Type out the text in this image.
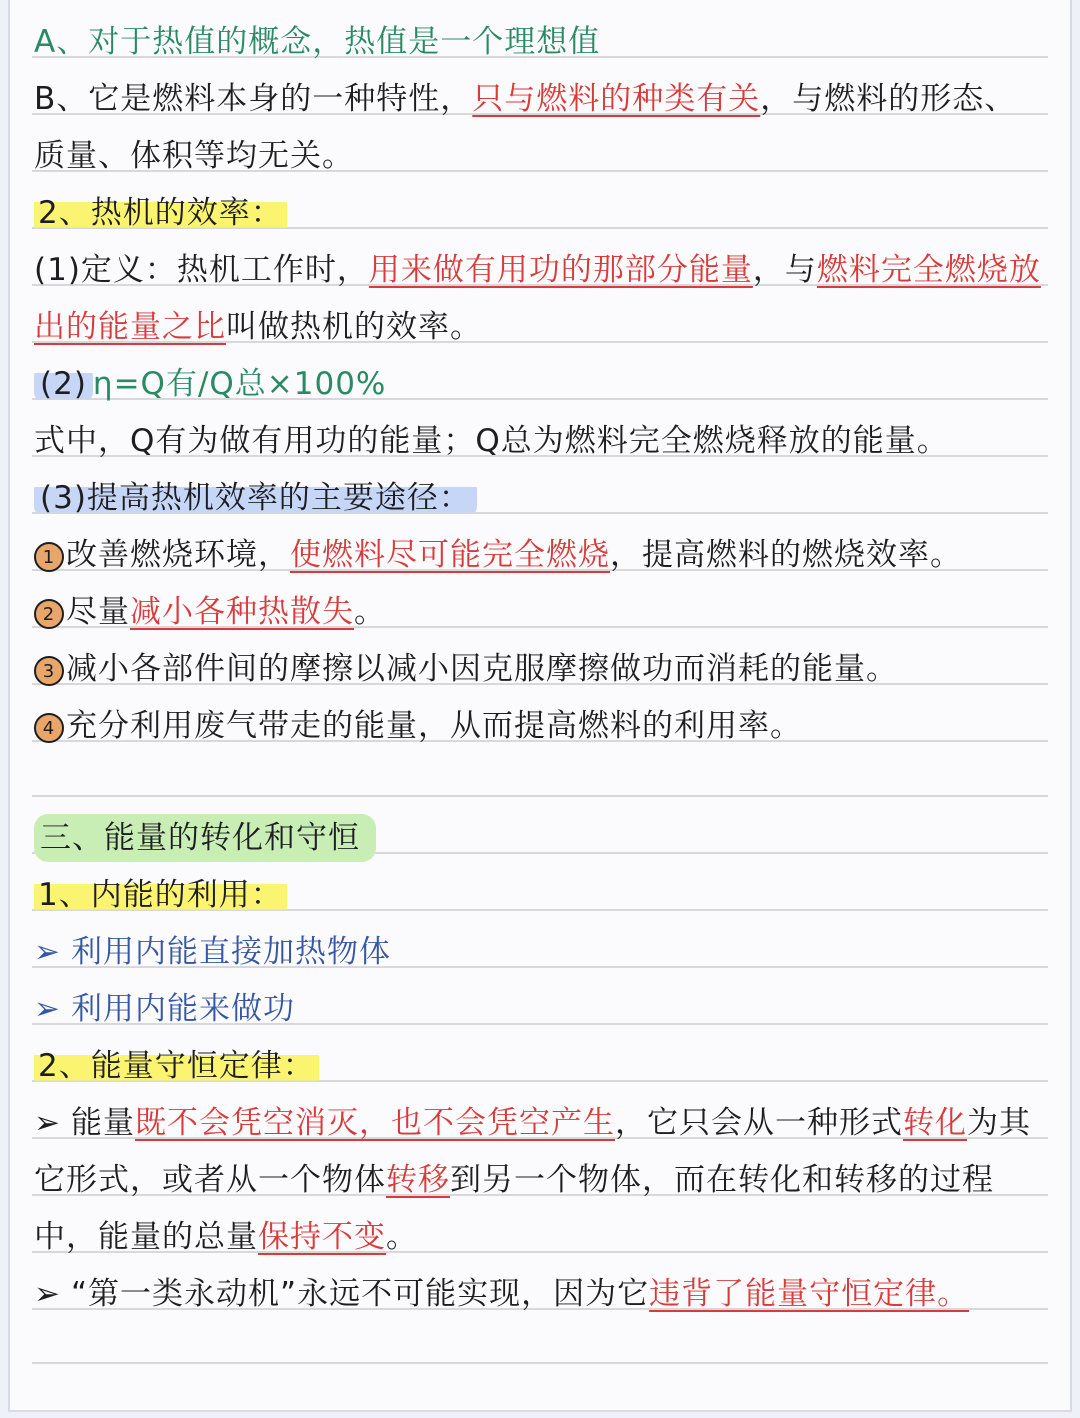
A、对于热值的概念，热值是一个理想值
B、它是燃料本身的一种特性，只与燃料的种类有关，与燃料的形态、
质量、体积等均无关。
2、热机的效率：
(1)定义：热机工作时，用来做有用功的那部分能量，与燃料完全燃烧放
出的能量之比叫做热机的效率。
(2) η=Q有/Q总×100%
式中，Q有为做有用功的能量；Q总为燃料完全燃烧释放的能量。
(3)提高热机效率的主要途径：
1 改善燃烧环境，使燃料尽可能完全燃烧，提高燃料的燃烧效率。
2 尽量减小各种热散失。
3 减小各部件间的摩擦以减小因克服摩擦做功而消耗的能量。
4 充分利用废气带走的能量，从而提高燃料的利用率。
三、能量的转化和守恒
1、内能的利用：
➢ 利用内能直接加热物体
➢ 利用内能来做功
2、能量守恒定律：
➢ 能量既不会凭空消灭，也不会凭空产生，它只会从一种形式转化为其
它形式，或者从一个物体转移到另一个物体，而在转化和转移的过程
中，能量的总量保持不变。
➢ “第一类永动机”永远不可能实现，因为它违背了能量守恒定律。
